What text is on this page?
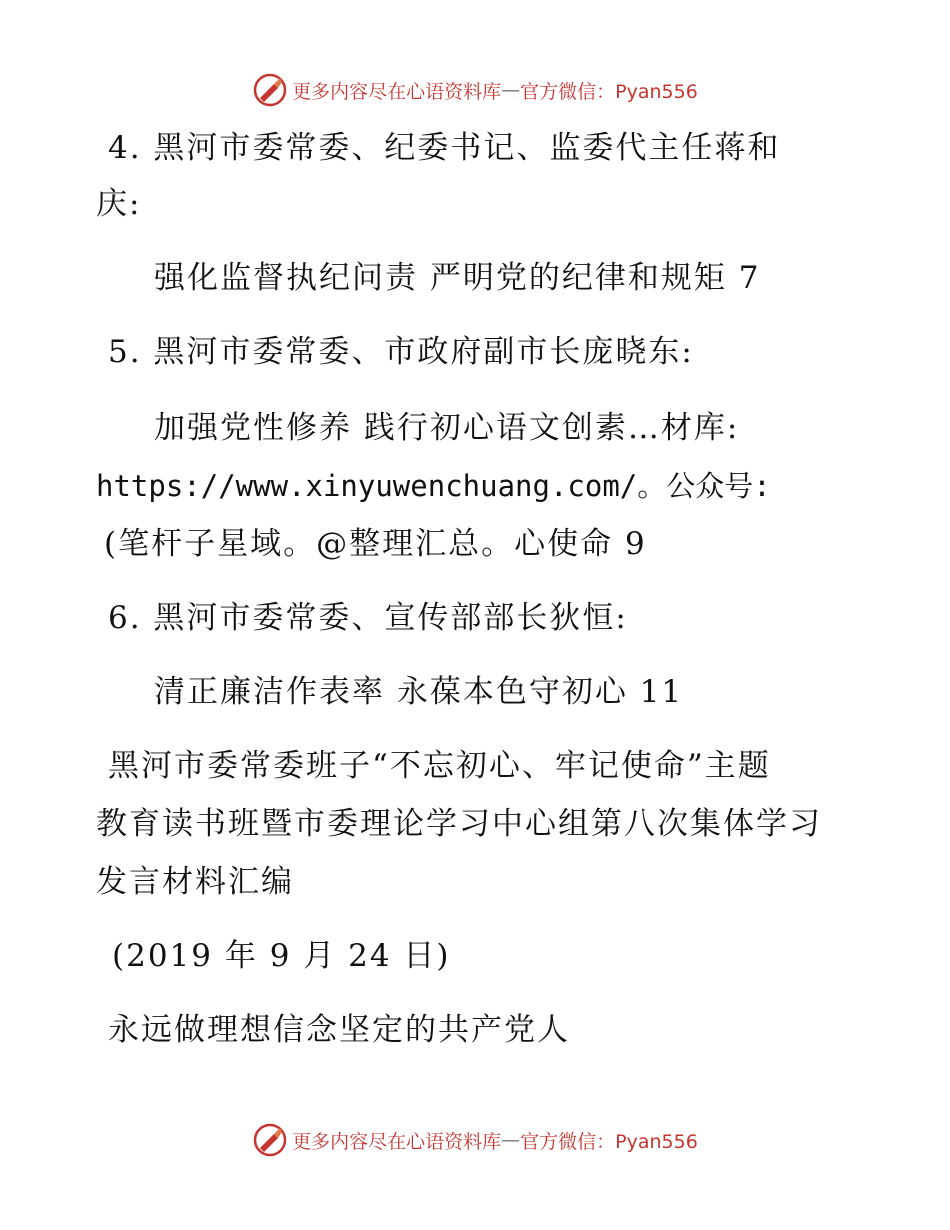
更多内容尽在心语资料库 — 官方微信：Pyan556
4. 黑河市委常委、纪委书记、监委代主任蒋和
庆:
强化监督执纪问责 严明党的纪律和规矩 7
5. 黑河市委常委、市政府副市长庞晓东:
加强党性修养 践行初心语文创素…材库:
https://www.xinyuwenchuang.com/。公众号:
(笔杆子星域。@整理汇总。心使命 9
6. 黑河市委常委、宣传部部长狄恒:
清正廉洁作表率 永葆本色守初心 11
黑河市委常委班子“不忘初心、牢记使命”主题
教育读书班暨市委理论学习中心组第八次集体学习
发言材料汇编
(2019 年 9 月 24 日)
永远做理想信念坚定的共产党人
更多内容尽在心语资料库 — 官方微信：Pyan556
